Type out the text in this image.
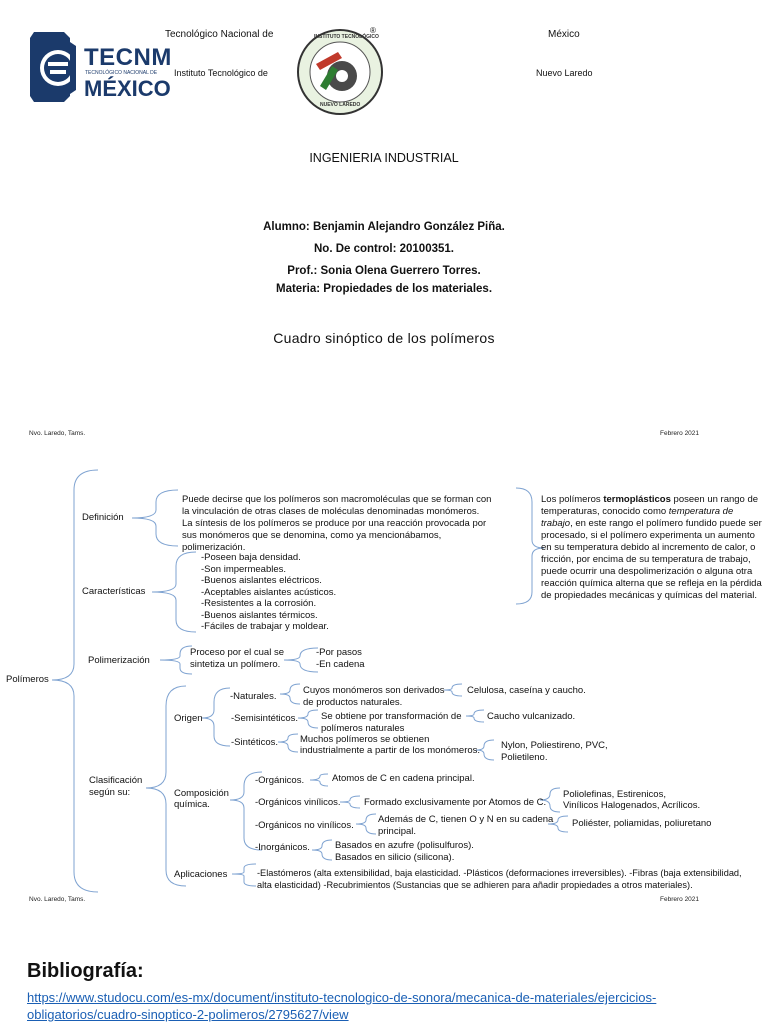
TECNM
TECNOLÓGICO NACIONAL DE
MÉXICO
Tecnológico Nacional de	México
Instituto Tecnológico de	Nuevo Laredo
INSTITUTO TECNOLÓGICO
NUEVO LAREDO
®
INGENIERIA INDUSTRIAL
Alumno: Benjamin Alejandro González Piña.
No. De control: 20100351.
Prof.: Sonia Olena Guerrero Torres.
Materia: Propiedades de los materiales.
Cuadro sinóptico de los polímeros
Nvo. Laredo, Tams.	Febrero 2021
Nvo. Laredo, Tams.	Febrero 2021
Polímeros
Definición
Puede decirse que los polímeros son macromoléculas que se forman con la vinculación de otras clases de moléculas denominadas monómeros. La síntesis de los polímeros se produce por una reacción provocada por sus monómeros que se denomina, como ya mencionábamos, polimerización.
Los polímeros termoplásticos poseen un rango de temperaturas, conocido como temperatura de trabajo, en este rango el polímero fundido puede ser procesado, si el polímero experimenta un aumento en su temperatura debido al incremento de calor, o fricción, por encima de su temperatura de trabajo, puede ocurrir una despolimerización o alguna otra reacción química alterna que se refleja en la pérdida de propiedades mecánicas y químicas del material.
Características
-Poseen baja densidad.
-Son impermeables.
-Buenos aislantes eléctricos.
-Aceptables aislantes acústicos.
-Resistentes a la corrosión.
-Buenos aislantes térmicos.
-Fáciles de trabajar y moldear.
Polimerización
Proceso por el cual se
sintetiza un polímero.
-Por pasos
-En cadena
Clasificación
según su:
Origen
-Naturales.
Cuyos monómeros son derivados
de productos naturales.
Celulosa, caseína y caucho.
-Semisintéticos. Se obtiene por transformación de
polímeros naturales
Caucho vulcanizado.
-Sintéticos. Muchos polímeros se obtienen
industrialmente a partir de los monómeros. Nylon, Poliestireno, PVC,
Polietileno.
Composición
química.
-Orgánicos.	Atomos de C en cadena principal.
-Orgánicos vinílicos. Formado exclusivamente por Atomos de C.
Poliolefinas, Estirenicos,
Vinílicos Halogenados, Acrílicos.
-Orgánicos no vinílicos.
Además de C, tienen O y N en su cadena
principal.
Poliéster, poliamidas, poliuretano
-Inorgánicos.	Basados en azufre (polisulfuros).
Basados en silicio (silicona).
Aplicaciones	-Elastómeros (alta extensibilidad, baja elasticidad. -Plásticos (deformaciones irreversibles). -Fibras (baja extensibilidad,
alta elasticidad) -Recubrimientos (Sustancias que se adhieren para añadir propiedades a otros materiales).
Bibliografía:
https://www.studocu.com/es-mx/document/instituto-tecnologico-de-sonora/mecanica-de-materiales/ejercicios-
obligatorios/cuadro-sinoptico-2-polimeros/2795627/view
